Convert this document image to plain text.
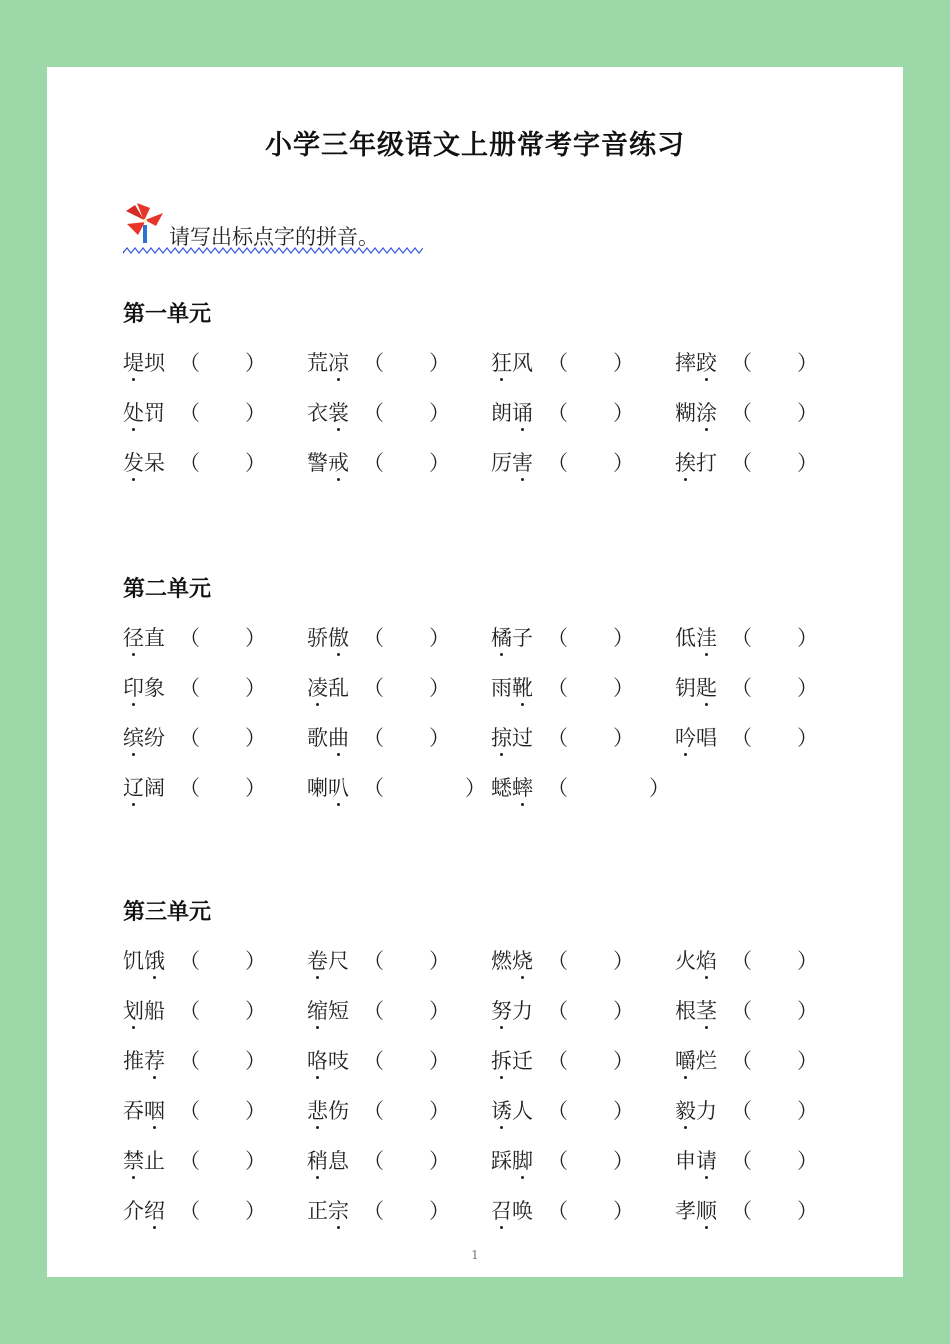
小学三年级语文上册常考字音练习
请写出标点字的拼音。
第一单元
堤坝 （ ） 荒凉 （ ） 狂风 （ ） 摔跤 （ ）
处罚 （ ） 衣裳 （ ） 朗诵 （ ） 糊涂 （ ）
发呆 （ ） 警戒 （ ） 厉害 （ ） 挨打 （ ）
第二单元
径直 （ ） 骄傲 （ ） 橘子 （ ） 低洼 （ ）
印象 （ ） 凌乱 （ ） 雨靴 （ ） 钥匙 （ ）
缤纷 （ ） 歌曲 （ ） 掠过 （ ） 吟唱 （ ）
辽阔 （ ） 喇叭 （	） 蟋蟀 （	）
第三单元
饥饿 （ ） 卷尺 （ ） 燃烧 （ ） 火焰 （ ）
划船 （ ） 缩短 （ ） 努力 （ ） 根茎 （ ）
推荐 （ ） 咯吱 （ ） 拆迁 （ ） 嚼烂 （ ）
吞咽 （ ） 悲伤 （ ） 诱人 （ ） 毅力 （ ）
禁止 （ ） 稍息 （ ） 踩脚 （ ） 申请 （ ）
介绍 （ ） 正宗 （ ） 召唤 （ ） 孝顺 （ ）
1
